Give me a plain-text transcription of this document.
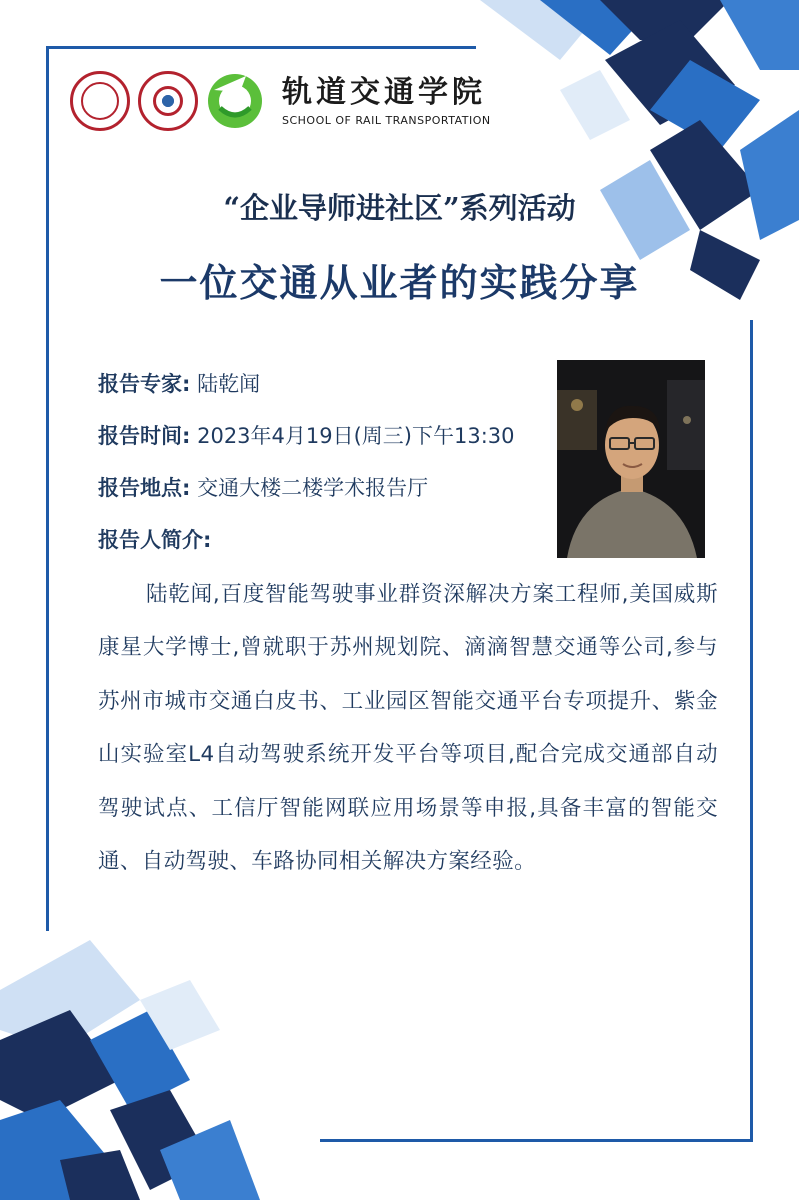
轨道交通学院
SCHOOL OF RAIL TRANSPORTATION
“企业导师进社区”系列活动
一位交通从业者的实践分享
报告专家: 陆乾闻
报告时间: 2023年4月19日(周三)下午13:30
报告地点: 交通大楼二楼学术报告厅
报告人简介:

陆乾闻,百度智能驾驶事业群资深解决方案工程师,美国威斯康星大学博士,曾就职于苏州规划院、滴滴智慧交通等公司,参与苏州市城市交通白皮书、工业园区智能交通平台专项提升、紫金山实验室L4自动驾驶系统开发平台等项目,配合完成交通部自动驾驶试点、工信厅智能网联应用场景等申报,具备丰富的智能交通、自动驾驶、车路协同相关解决方案经验。
